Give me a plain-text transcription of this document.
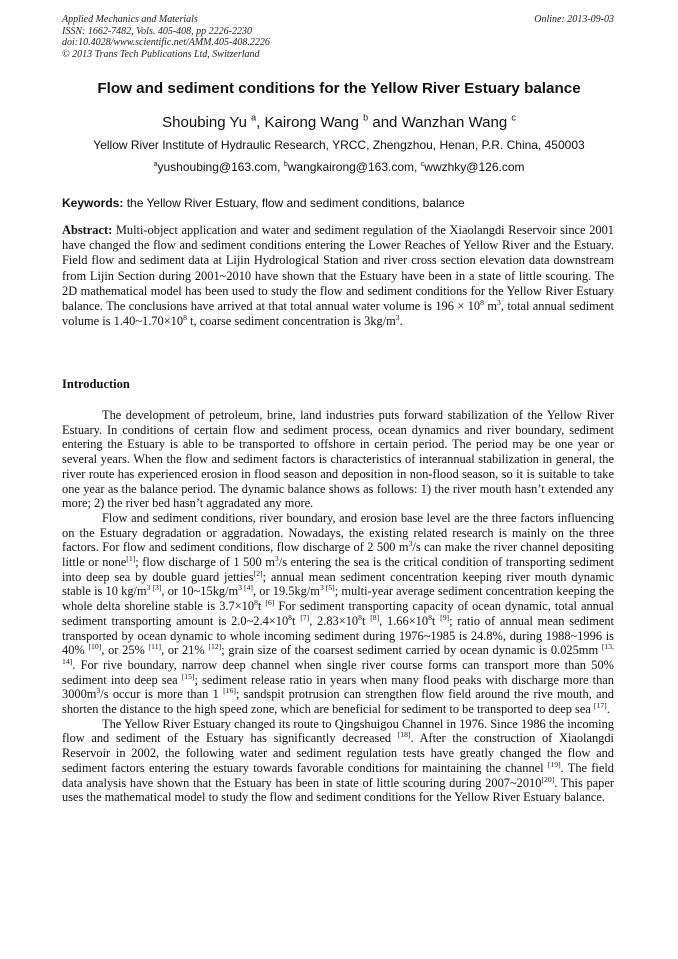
Applied Mechanics and Materials
ISSN: 1662-7482, Vols. 405-408, pp 2226-2230
doi:10.4028/www.scientific.net/AMM.405-408.2226
© 2013 Trans Tech Publications Ltd, Switzerland
Online: 2013-09-03
Flow and sediment conditions for the Yellow River Estuary balance
Shoubing Yu $^a$, Kairong Wang $^b$ and Wanzhan Wang $^c$
Yellow River Institute of Hydraulic Research, YRCC, Zhengzhou, Henan, P.R. China, 450003
$^a$yushoubing@163.com, $^b$wangkairong@163.com, $^c$wwzhky@126.com
Keywords: the Yellow River Estuary, flow and sediment conditions, balance
Abstract: Multi-object application and water and sediment regulation of the Xiaolangdi Reservoir since 2001 have changed the flow and sediment conditions entering the Lower Reaches of Yellow River and the Estuary. Field flow and sediment data at Lijin Hydrological Station and river cross section elevation data downstream from Lijin Section during 2001~2010 have shown that the Estuary have been in a state of little scouring. The 2D mathematical model has been used to study the flow and sediment conditions for the Yellow River Estuary balance. The conclusions have arrived at that total annual water volume is $196 \times 10^8$ $m^3$, total annual sediment volume is $1.40\sim 1.70\times 10^8$ t, coarse sediment concentration is $3kg/m^3$.
Introduction

The development of petroleum, brine, land industries puts forward stabilization of the Yellow River Estuary. In conditions of certain flow and sediment process, ocean dynamics and river boundary, sediment entering the Estuary is able to be transported to offshore in certain period. The period may be one year or several years. When the flow and sediment factors is characteristics of interannual stabilization in general, the river route has experienced erosion in flood season and deposition in non-flood season, so it is suitable to take one year as the balance period. The dynamic balance shows as follows: 1) the river mouth hasn’t extended any more; 2) the river bed hasn’t aggradated any more.

Flow and sediment conditions, river boundary, and erosion base level are the three factors influencing on the Estuary degradation or aggradation. Nowadays, the existing related research is mainly on the three factors. For flow and sediment conditions, flow discharge of 2 500 $m^3/s$ can make the river channel depositing little or none[1]; flow discharge of 1 500 $m^3/s$ entering the sea is the critical condition of transporting sediment into deep sea by double guard jetties[2]; annual mean sediment concentration keeping river mouth dynamic stable is 10 $kg/m^{3 [3]}$, or $10\sim 15kg/m^{3 [4]}$, or $19.5kg/m^{3 [5]}$; multi-year average sediment concentration keeping the whole delta shoreline stable is $3.7\times 10^8t$ [6] For sediment transporting capacity of ocean dynamic, total annual sediment transporting amount is $2.0\sim 2.4\times 10^8t$ [7], $2.83\times 10^8t$ [8], $1.66\times 10^8t$ [9]; ratio of annual mean sediment transported by ocean dynamic to whole incoming sediment during 1976~1985 is 24.8%, during 1988~1996 is 40% [10], or 25% [11], or 21% [12]; grain size of the coarsest sediment carried by ocean dynamic is 0.025mm [13, 14]. For rive boundary, narrow deep channel when single river course forms can transport more than 50% sediment into deep sea [15]; sediment release ratio in years when many flood peaks with discharge more than $3000m^3/s$ occur is more than 1 [16]; sandspit protrusion can strengthen flow field around the rive mouth, and shorten the distance to the high speed zone, which are beneficial for sediment to be transported to deep sea [17].

The Yellow River Estuary changed its route to Qingshuigou Channel in 1976. Since 1986 the incoming flow and sediment of the Estuary has significantly decreased [18]. After the construction of Xiaolangdi Reservoir in 2002, the following water and sediment regulation tests have greatly changed the flow and sediment factors entering the estuary towards favorable conditions for maintaining the channel [19]. The field data analysis have shown that the Estuary has been in state of little scouring during 2007~2010[20]. This paper uses the mathematical model to study the flow and sediment conditions for the Yellow River Estuary balance.
